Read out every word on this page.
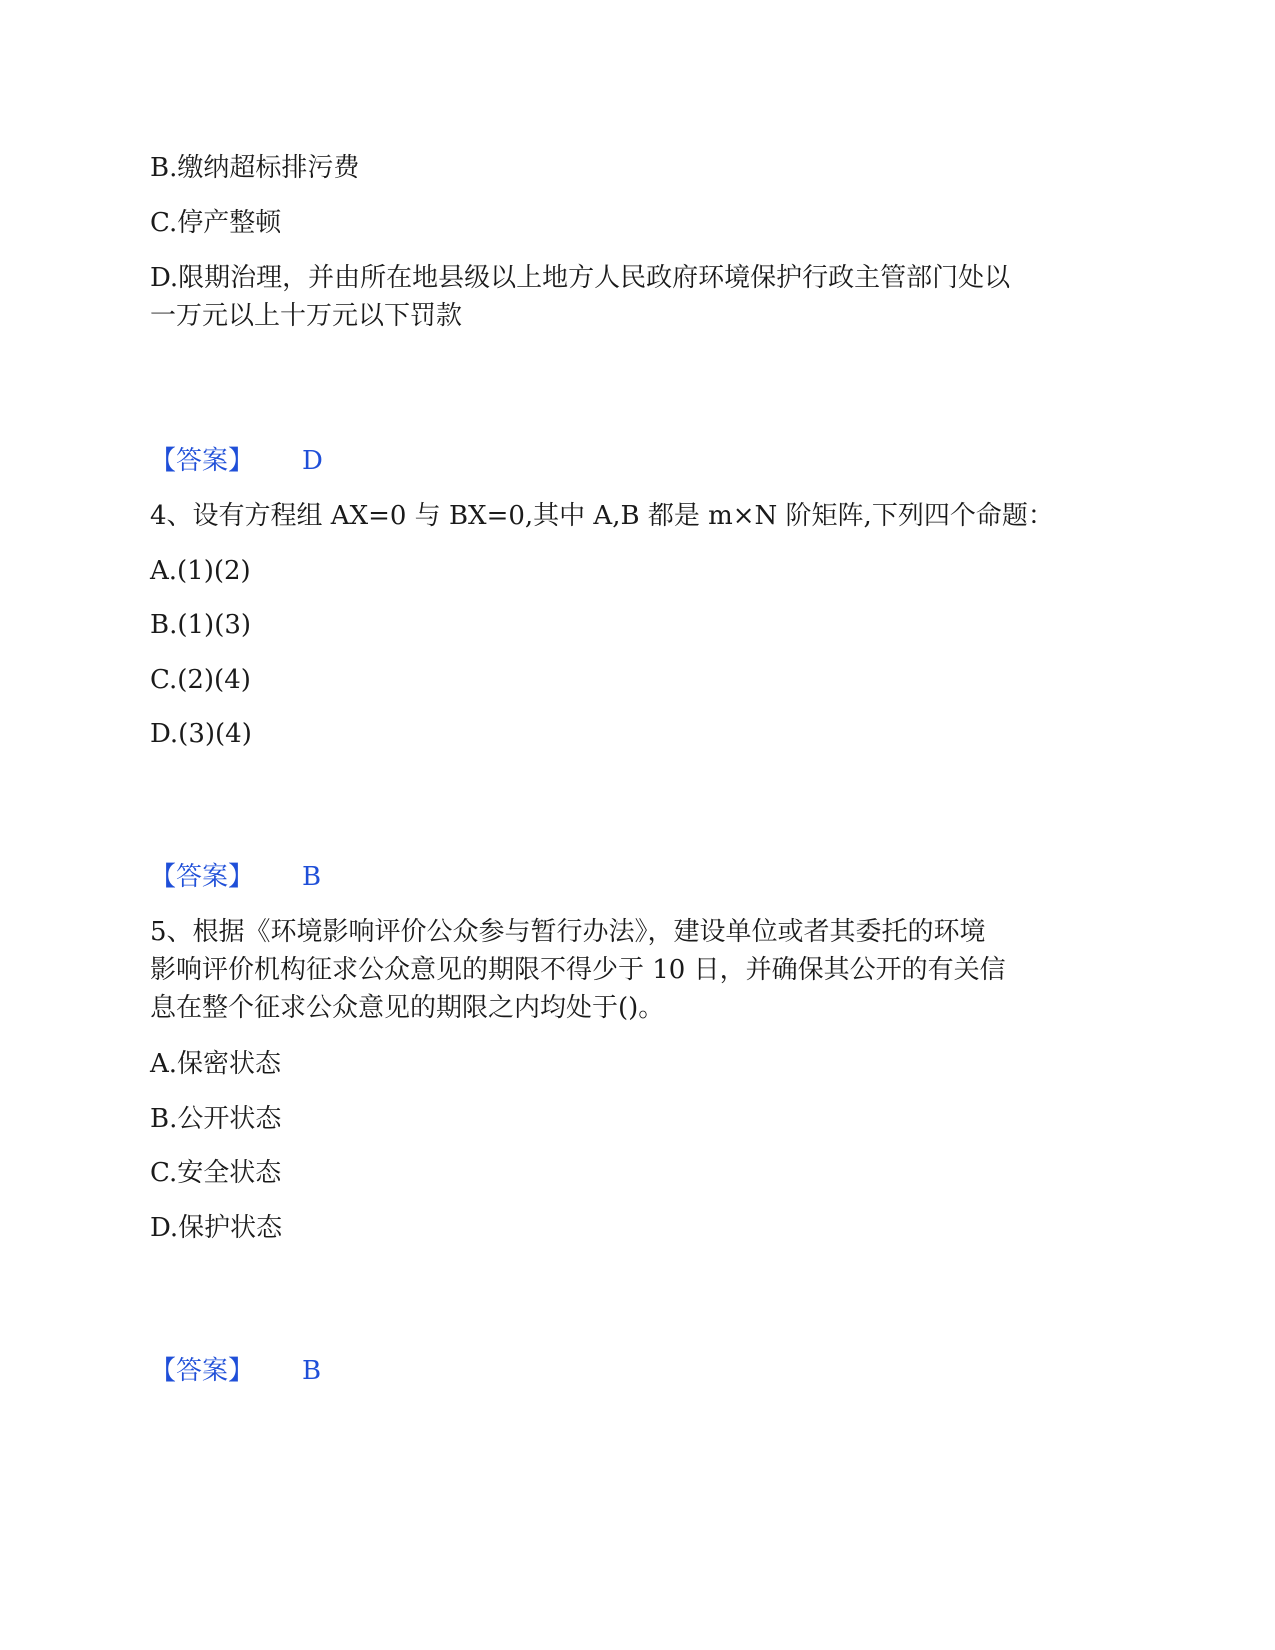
B.缴纳超标排污费
C.停产整顿
D.限期治理，并由所在地县级以上地方人民政府环境保护行政主管部门处以
一万元以上十万元以下罚款
【答案】 D
4、设有方程组 AX=0 与 BX=0,其中 A,B 都是 m×N 阶矩阵,下列四个命题：
A.(1)(2)
B.(1)(3)
C.(2)(4)
D.(3)(4)
【答案】 B
5、根据《环境影响评价公众参与暂行办法》，建设单位或者其委托的环境
影响评价机构征求公众意见的期限不得少于 10 日，并确保其公开的有关信
息在整个征求公众意见的期限之内均处于()。
A.保密状态
B.公开状态
C.安全状态
D.保护状态
【答案】 B
